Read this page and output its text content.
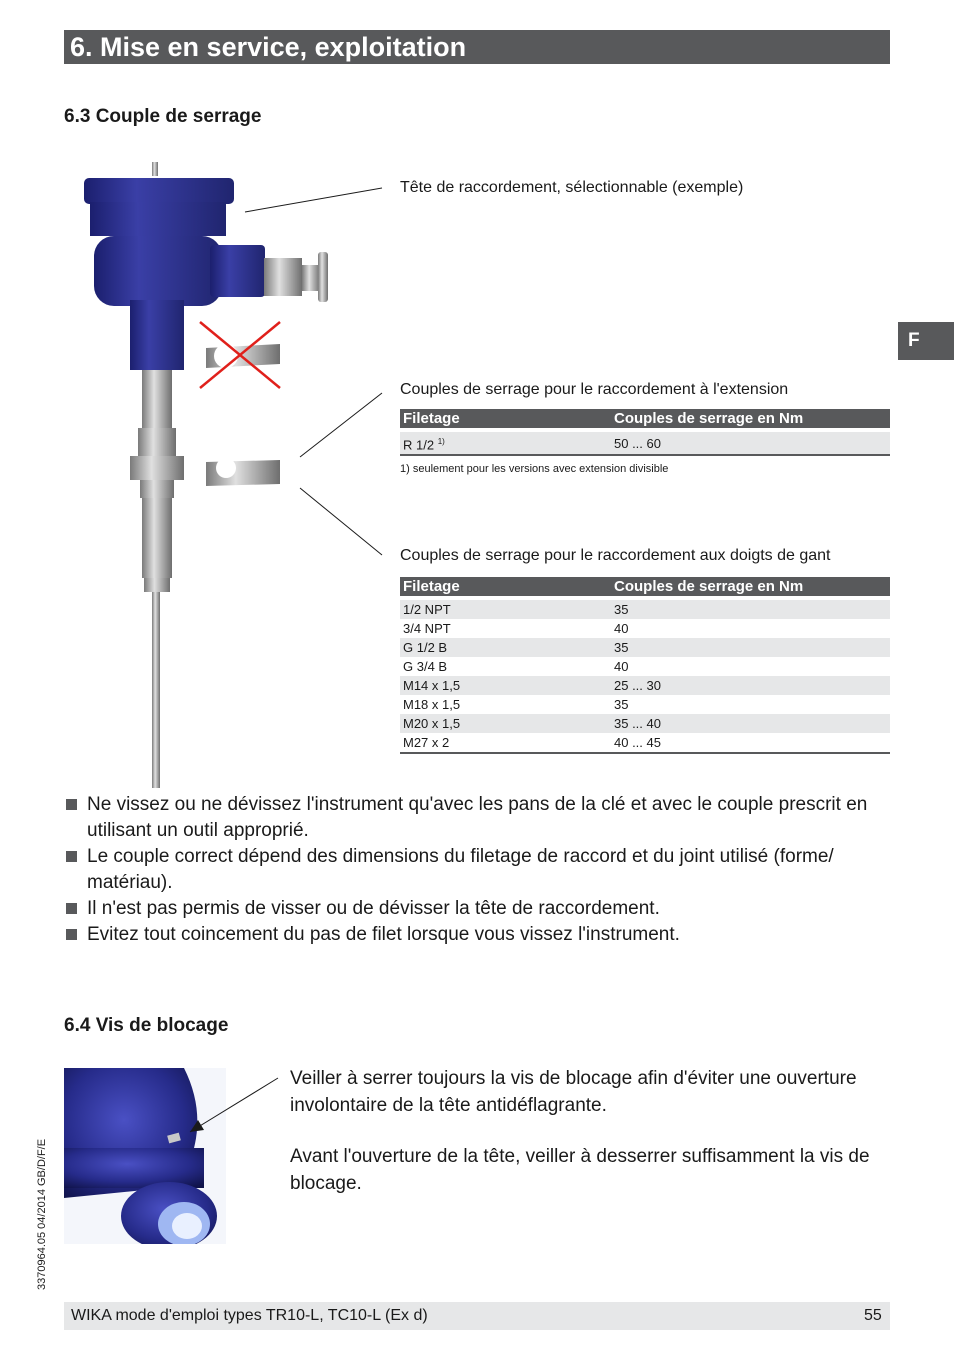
6. Mise en service, exploitation
F
6.3 Couple de serrage
Tête de raccordement, sélectionnable (exemple)
Couples de serrage pour le raccordement à l'extension
Filetage	Couples de serrage en Nm

R 1/2 $^{1)}$	50 ... 60
1) seulement pour les versions avec extension divisible
Couples de serrage pour le raccordement aux doigts de gant
Filetage	Couples de serrage en Nm

1/2 NPT	35
3/4 NPT	40
G 1/2 B	35
G 3/4 B	40
M14 x 1,5	25 ... 30
M18 x 1,5	35
M20 x 1,5	35 ... 40
M27 x 2	40 ... 45
Ne vissez ou ne dévissez l'instrument qu'avec les pans de la clé et avec le couple prescrit en utilisant un outil approprié.
Le couple correct dépend des dimensions du filetage de raccord et du joint utilisé (forme/ matériau).
Il n'est pas permis de visser ou de dévisser la tête de raccordement.
Evitez tout coincement du pas de filet lorsque vous vissez l'instrument.
6.4 Vis de blocage
Veiller à serrer toujours la vis de blocage afin d'éviter une ouverture involontaire de la tête antidéflagrante.
Avant l'ouverture de la tête, veiller à desserrer suffisamment la vis de blocage.
3370964.05 04/2014 GB/D/F/E
WIKA mode d'emploi types TR10-L, TC10-L (Ex d)	55
